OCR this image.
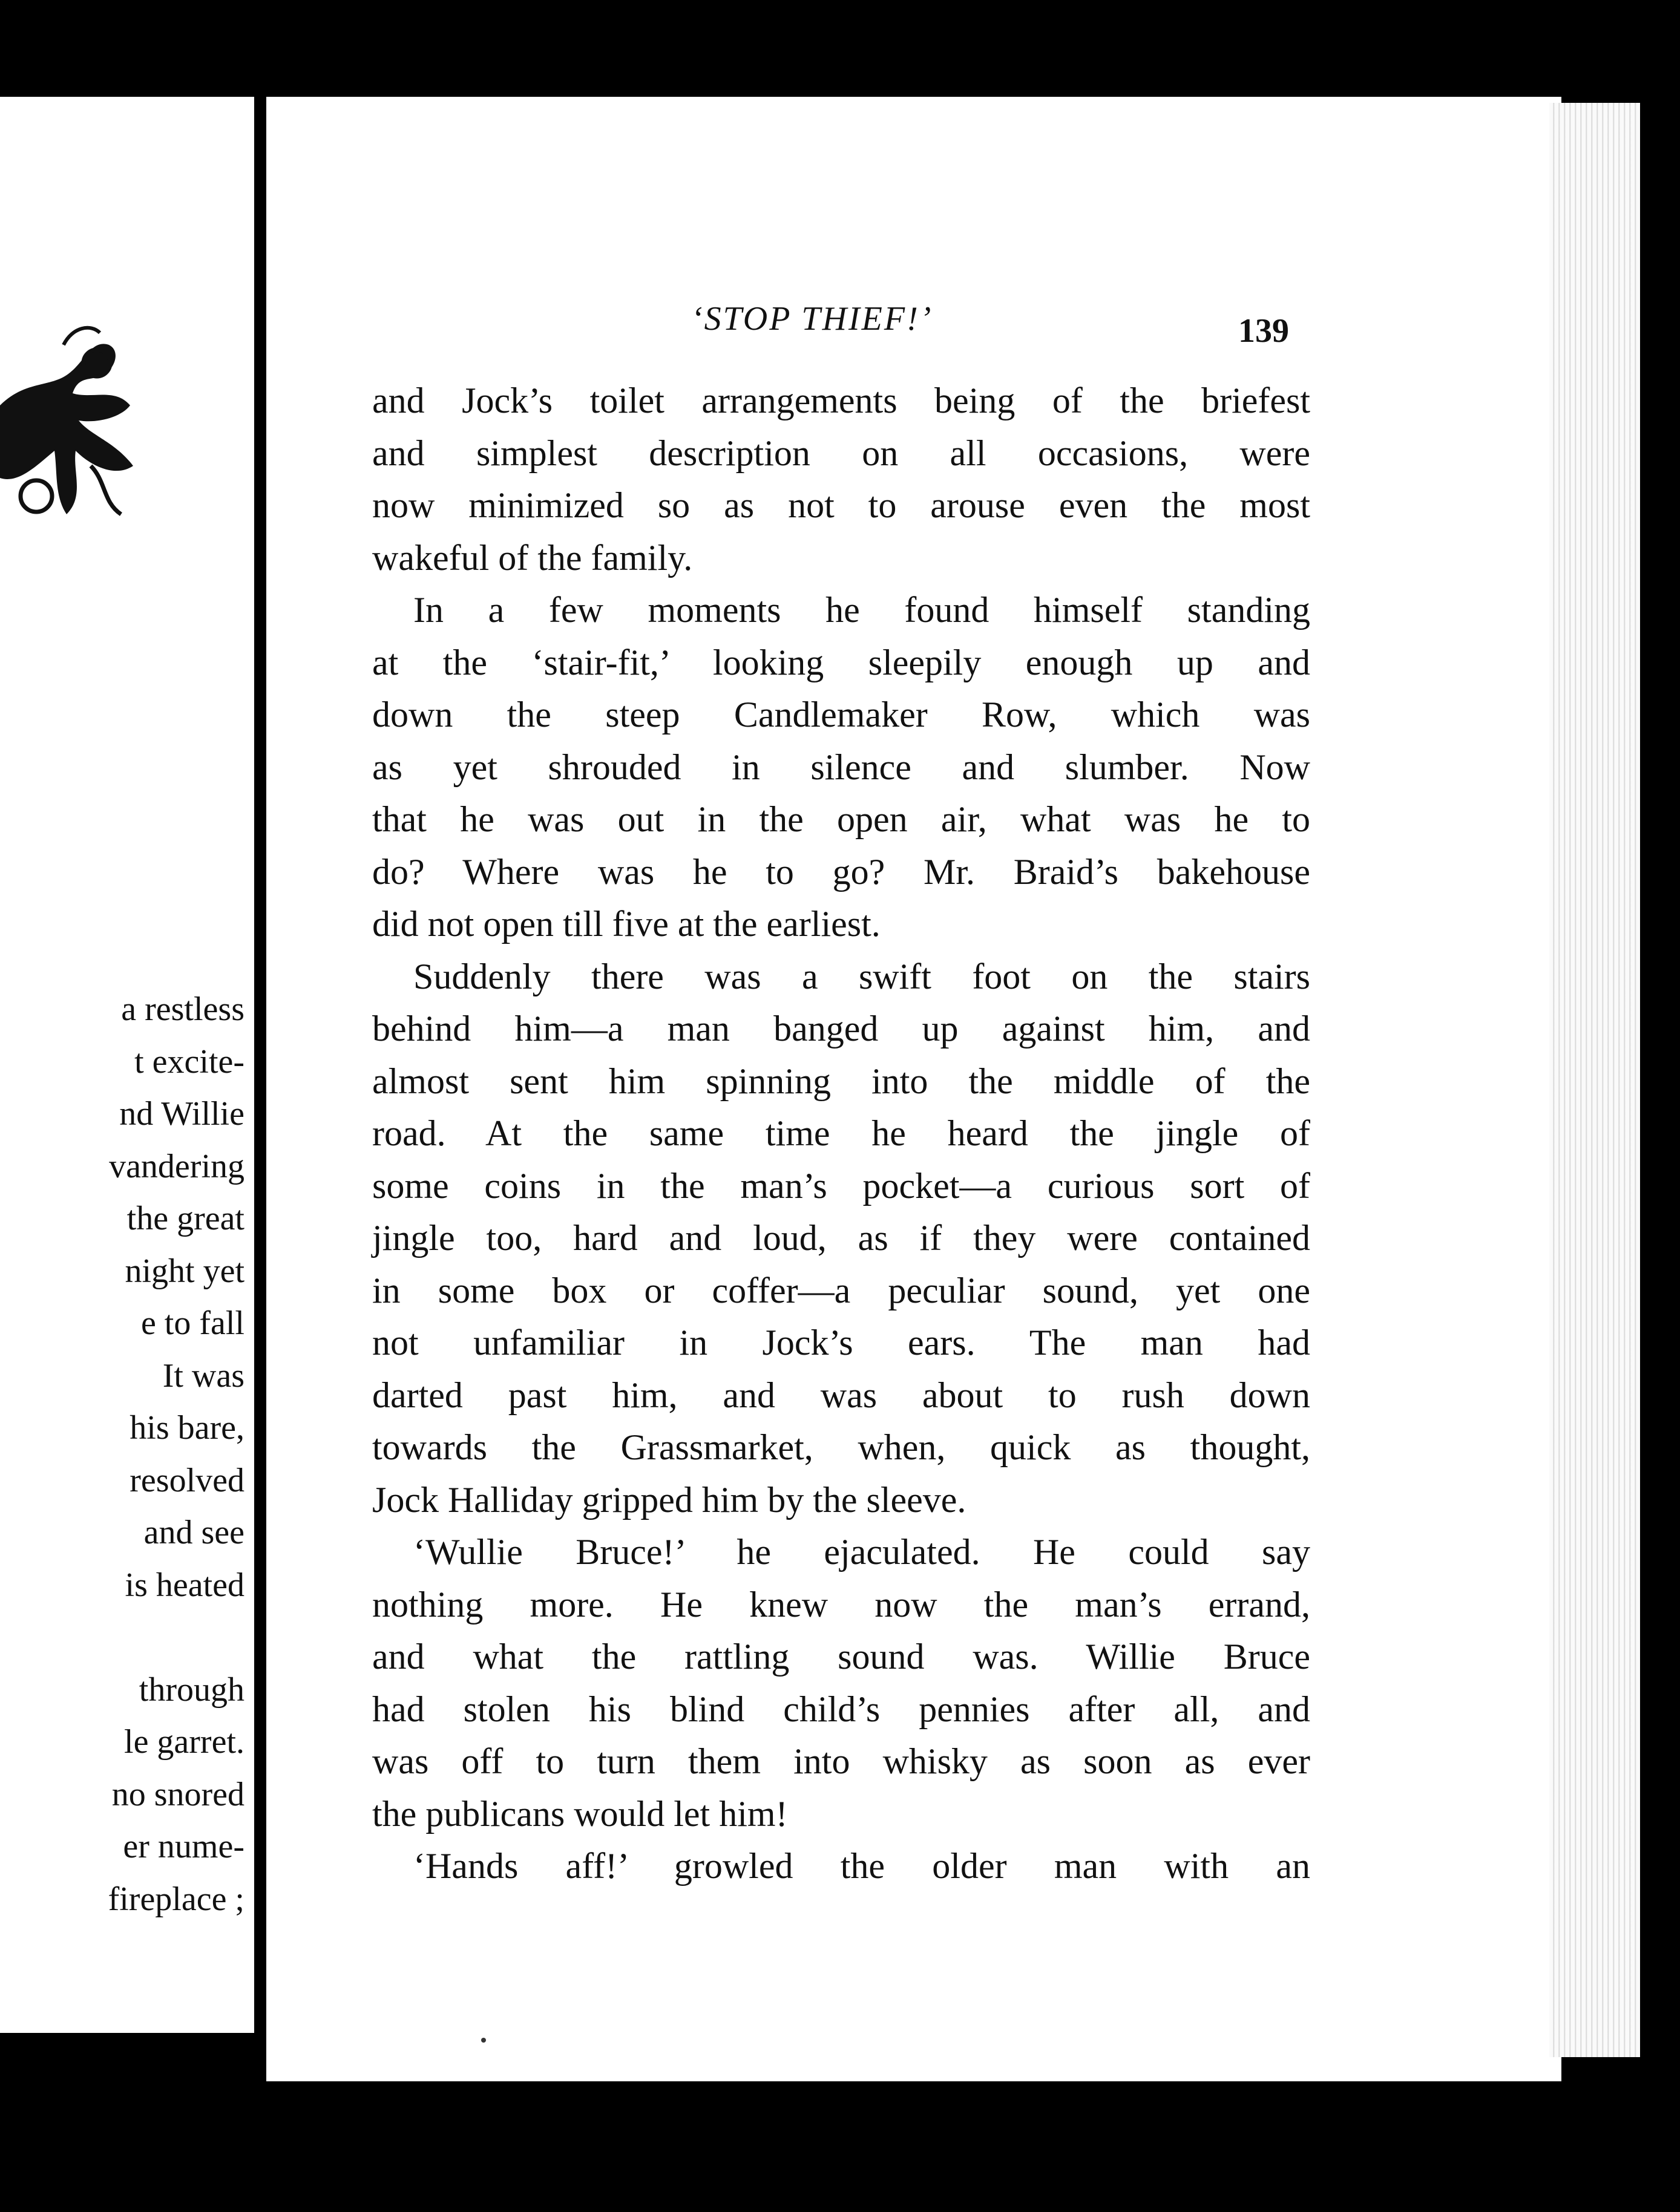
a restless
t excite-
nd Willie
vandering
the great
night yet
e to fall
It was
his bare,
resolved
and see
is heated
through
le garret.
no snored
er nume-
fireplace ;
‘STOP THIEF!’	139
and Jock’s toilet arrangements being of the briefest
and simplest description on all occasions, were
now minimized so as not to arouse even the most
wakeful of the family.
In a few moments he found himself standing
at the ‘stair-fit,’ looking sleepily enough up and
down the steep Candlemaker Row, which was
as yet shrouded in silence and slumber. Now
that he was out in the open air, what was he to
do? Where was he to go? Mr. Braid’s bakehouse
did not open till five at the earliest.
Suddenly there was a swift foot on the stairs
behind him—a man banged up against him, and
almost sent him spinning into the middle of the
road. At the same time he heard the jingle of
some coins in the man’s pocket—a curious sort of
jingle too, hard and loud, as if they were contained
in some box or coffer—a peculiar sound, yet one
not unfamiliar in Jock’s ears. The man had
darted past him, and was about to rush down
towards the Grassmarket, when, quick as thought,
Jock Halliday gripped him by the sleeve.
‘Wullie Bruce!’ he ejaculated. He could say
nothing more. He knew now the man’s errand,
and what the rattling sound was. Willie Bruce
had stolen his blind child’s pennies after all, and
was off to turn them into whisky as soon as ever
the publicans would let him!
‘Hands aff!’ growled the older man with an
